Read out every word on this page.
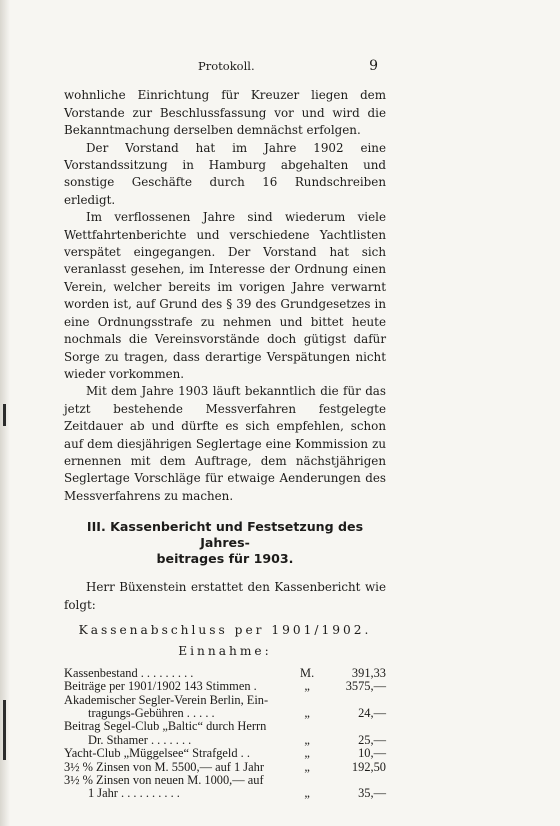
Protokoll.	9

wohnliche Einrichtung für Kreuzer liegen dem Vorstande zur Beschlussfassung vor und wird die Bekanntmachung derselben demnächst erfolgen.

Der Vorstand hat im Jahre 1902 eine Vorstandssitzung in Hamburg abgehalten und sonstige Geschäfte durch 16 Rundschreiben erledigt.

Im verflossenen Jahre sind wiederum viele Wettfahrtenberichte und verschiedene Yachtlisten verspätet eingegangen. Der Vorstand hat sich veranlasst gesehen, im Interesse der Ordnung einen Verein, welcher bereits im vorigen Jahre verwarnt worden ist, auf Grund des § 39 des Grundgesetzes in eine Ordnungsstrafe zu nehmen und bittet heute nochmals die Vereinsvorstände doch gütigst dafür Sorge zu tragen, dass derartige Verspätungen nicht wieder vorkommen.

Mit dem Jahre 1903 läuft bekanntlich die für das jetzt bestehende Messverfahren festgelegte Zeitdauer ab und dürfte es sich empfehlen, schon auf dem diesjährigen Seglertage eine Kommission zu ernennen mit dem Auftrage, dem nächstjährigen Seglertage Vorschläge für etwaige Aenderungen des Messverfahrens zu machen.

III. Kassenbericht und Festsetzung des Jahres-
beitrages für 1903.

Herr Büxenstein erstattet den Kassenbericht wie folgt:

Kassenabschluss per 1901/1902.
Einnahme:
Kassenbestand . . . . . . . . .	M.	391,33

Beiträge per 1901/1902 143 Stimmen .	„	3575,—

Akademischer Segler-Verein Berlin, Ein-
tragungs-Gebühren . . . . .	„	24,—

Beitrag Segel-Club „Baltic“ durch Herrn
Dr. Sthamer . . . . . . .	„	25,—

Yacht-Club „Müggelsee“ Strafgeld . .	„	10,—

3½ % Zinsen von M. 5500,— auf 1 Jahr	„	192,50

3½ % Zinsen von neuen M. 1000,— auf
1 Jahr . . . . . . . . . .	„	35,—
